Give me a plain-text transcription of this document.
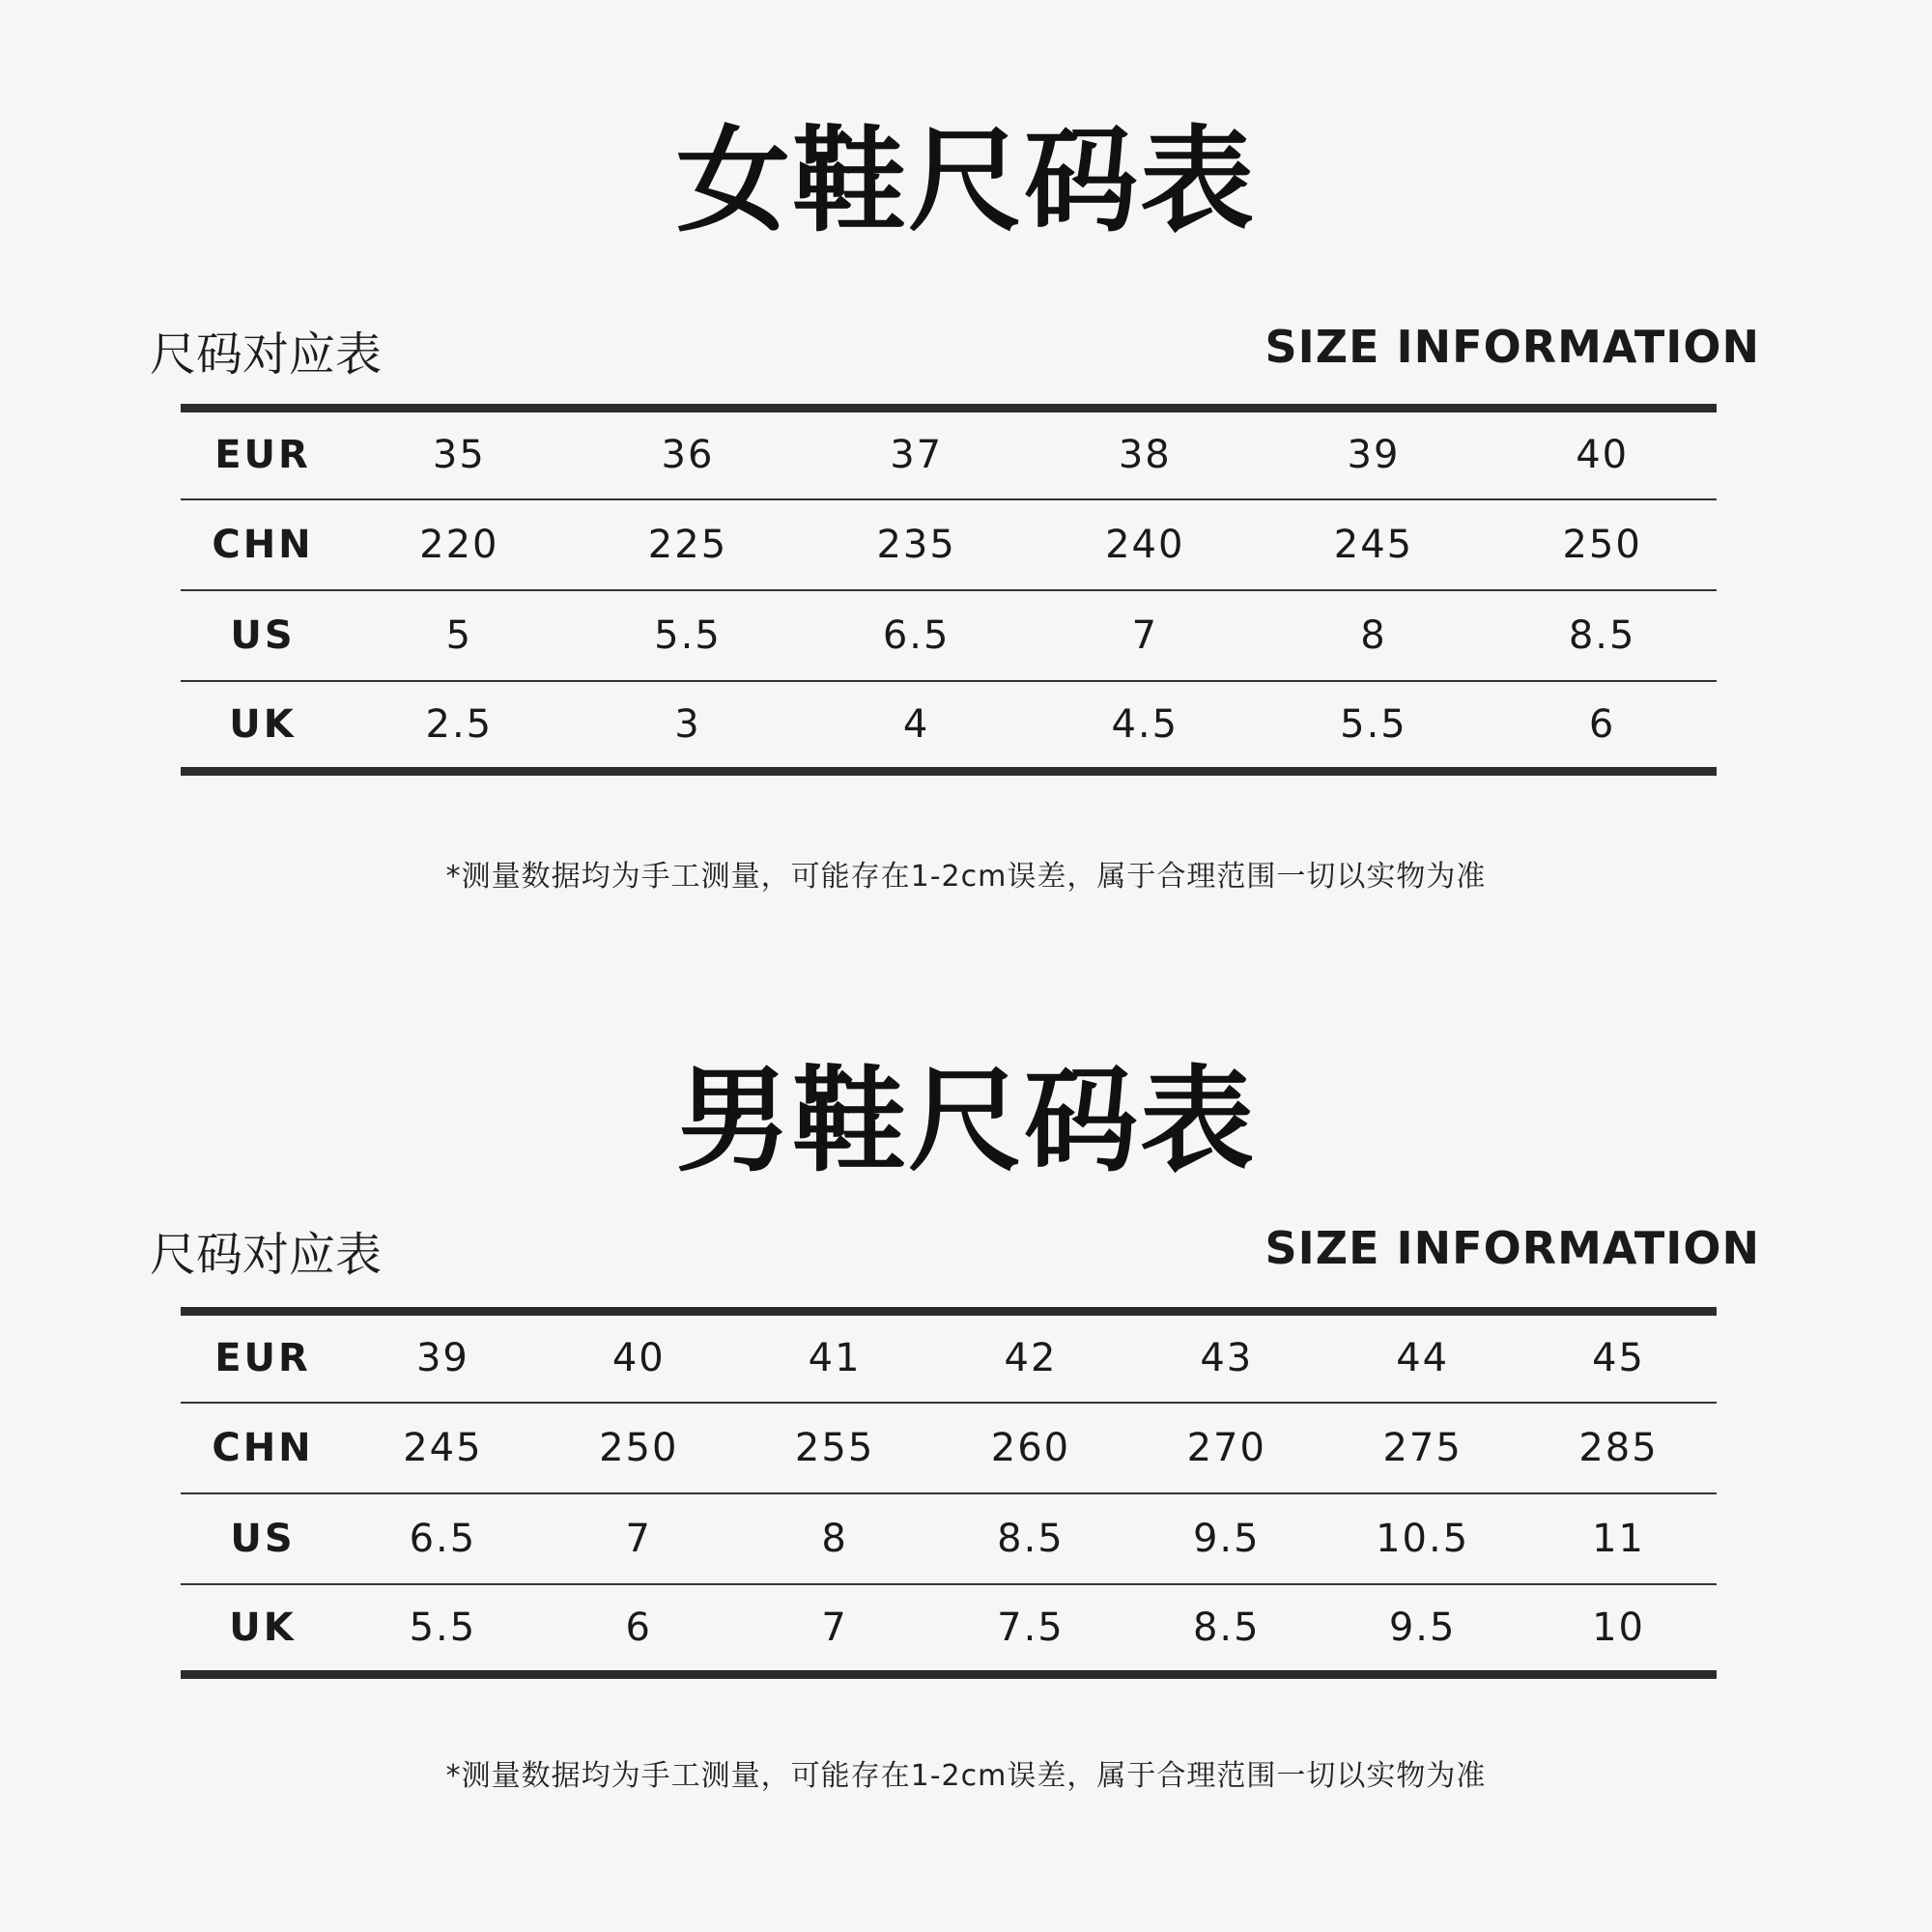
女鞋尺码表
尺码对应表	SIZE INFORMATION
EUR	35	36	37	38	39	40
CHN	220	225	235	240	245	250
US	5	5.5	6.5	7	8	8.5
UK	2.5	3	4	4.5	5.5	6
*测量数据均为手工测量，可能存在1-2cm误差，属于合理范围一切以实物为准
男鞋尺码表
尺码对应表	SIZE INFORMATION
EUR	39	40	41	42	43	44	45
CHN	245	250	255	260	270	275	285
US	6.5	7	8	8.5	9.5	10.5	11
UK	5.5	6	7	7.5	8.5	9.5	10
*测量数据均为手工测量，可能存在1-2cm误差，属于合理范围一切以实物为准
